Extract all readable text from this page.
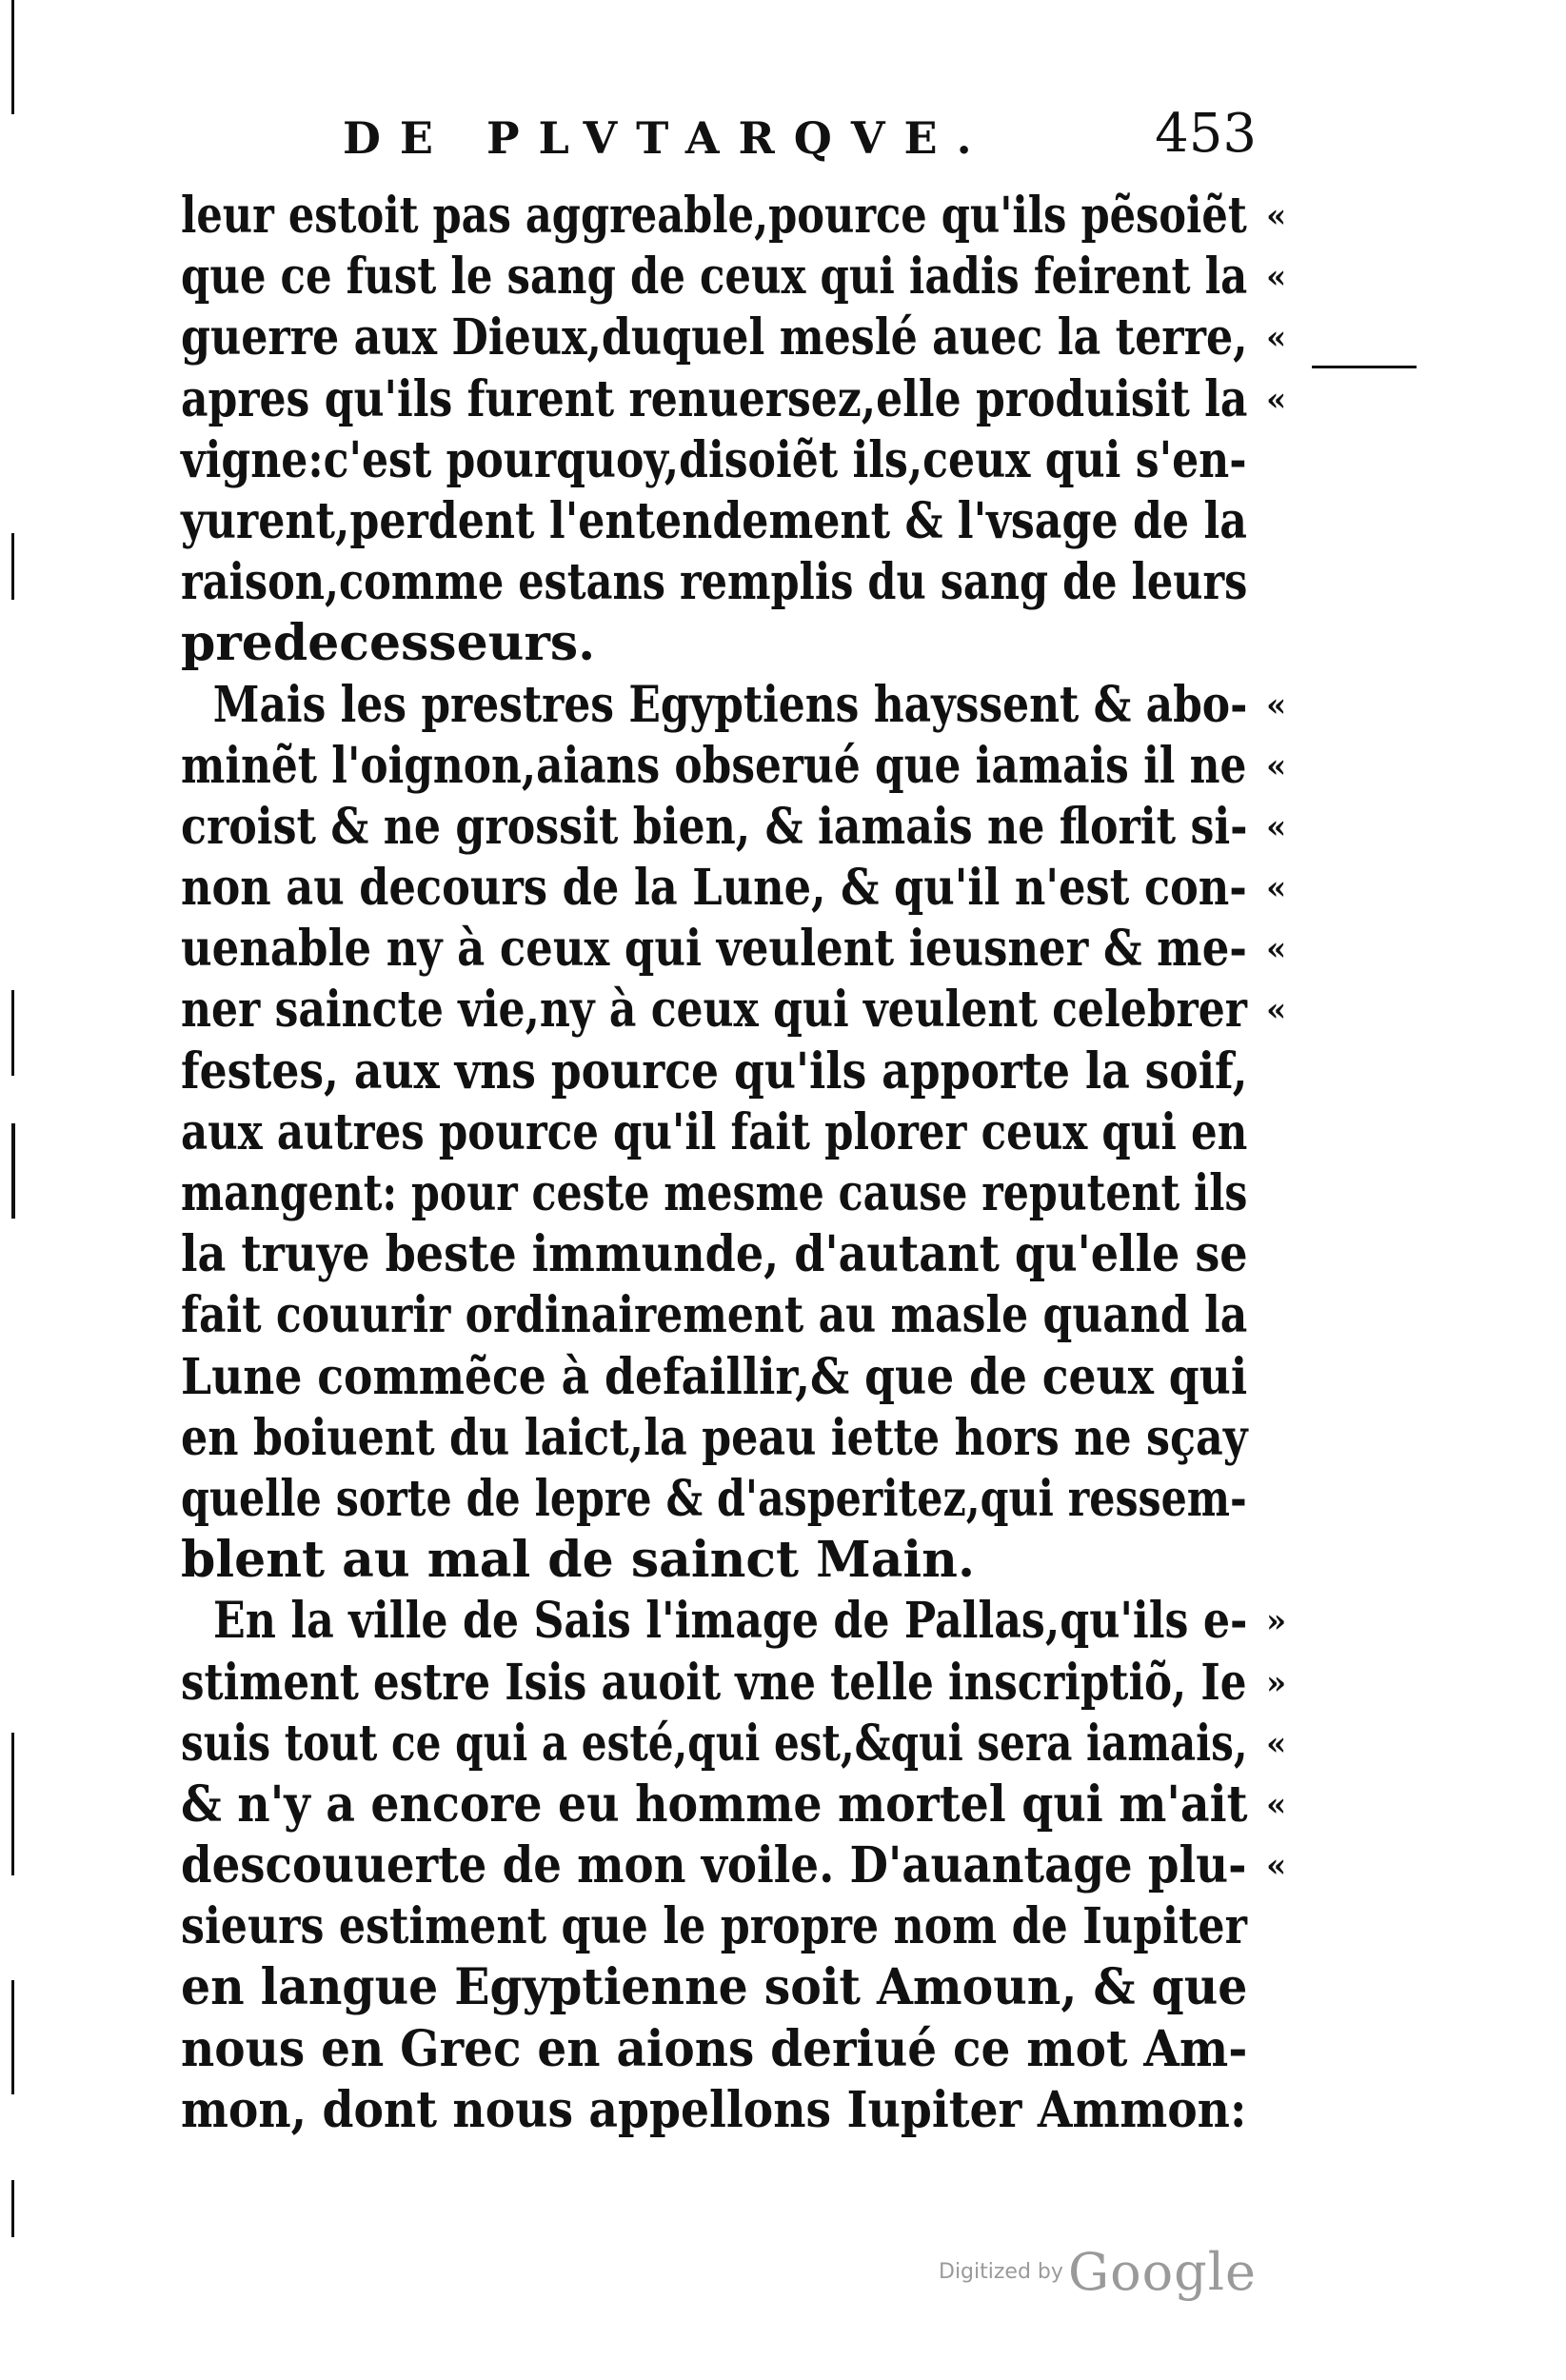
DE PLVTARQVE.	453
leur estoit pas aggreable,pource qu'ils pẽsoiẽt «
que ce fust le sang de ceux qui iadis feirent la «
guerre aux Dieux,duquel meslé auec la terre, «
apres qu'ils furent renuersez,elle produisit la «
vigne:c'est pourquoy,disoiẽt ils,ceux qui s'en-
yurent,perdent l'entendement & l'vsage de la
raison,comme estans remplis du sang de leurs
predecesseurs.
Mais les prestres Egyptiens hayssent & abo- «
minẽt l'oignon,aians obserué que iamais il ne «
croist & ne grossit bien, & iamais ne florit si- «
non au decours de la Lune, & qu'il n'est con- «
uenable ny à ceux qui veulent ieusner & me- «
ner saincte vie,ny à ceux qui veulent celebrer «
festes, aux vns pource qu'ils apporte la soif,
aux autres pource qu'il fait plorer ceux qui en
mangent: pour ceste mesme cause reputent ils
la truye beste immunde, d'autant qu'elle se
fait couurir ordinairement au masle quand la
Lune commẽce à defaillir,& que de ceux qui
en boiuent du laict,la peau iette hors ne sçay
quelle sorte de lepre & d'asperitez,qui ressem-
blent au mal de sainct Main.
En la ville de Sais l'image de Pallas,qu'ils e- »
stiment estre Isis auoit vne telle inscriptiõ, Ie »
suis tout ce qui a esté,qui est,&qui sera iamais, «
& n'y a encore eu homme mortel qui m'ait «
descouuerte de mon voile. D'auantage plu- «
sieurs estiment que le propre nom de Iupiter
en langue Egyptienne soit Amoun, & que
nous en Grec en aions deriué ce mot Am-
mon, dont nous appellons Iupiter Ammon:
Digitized by Google
